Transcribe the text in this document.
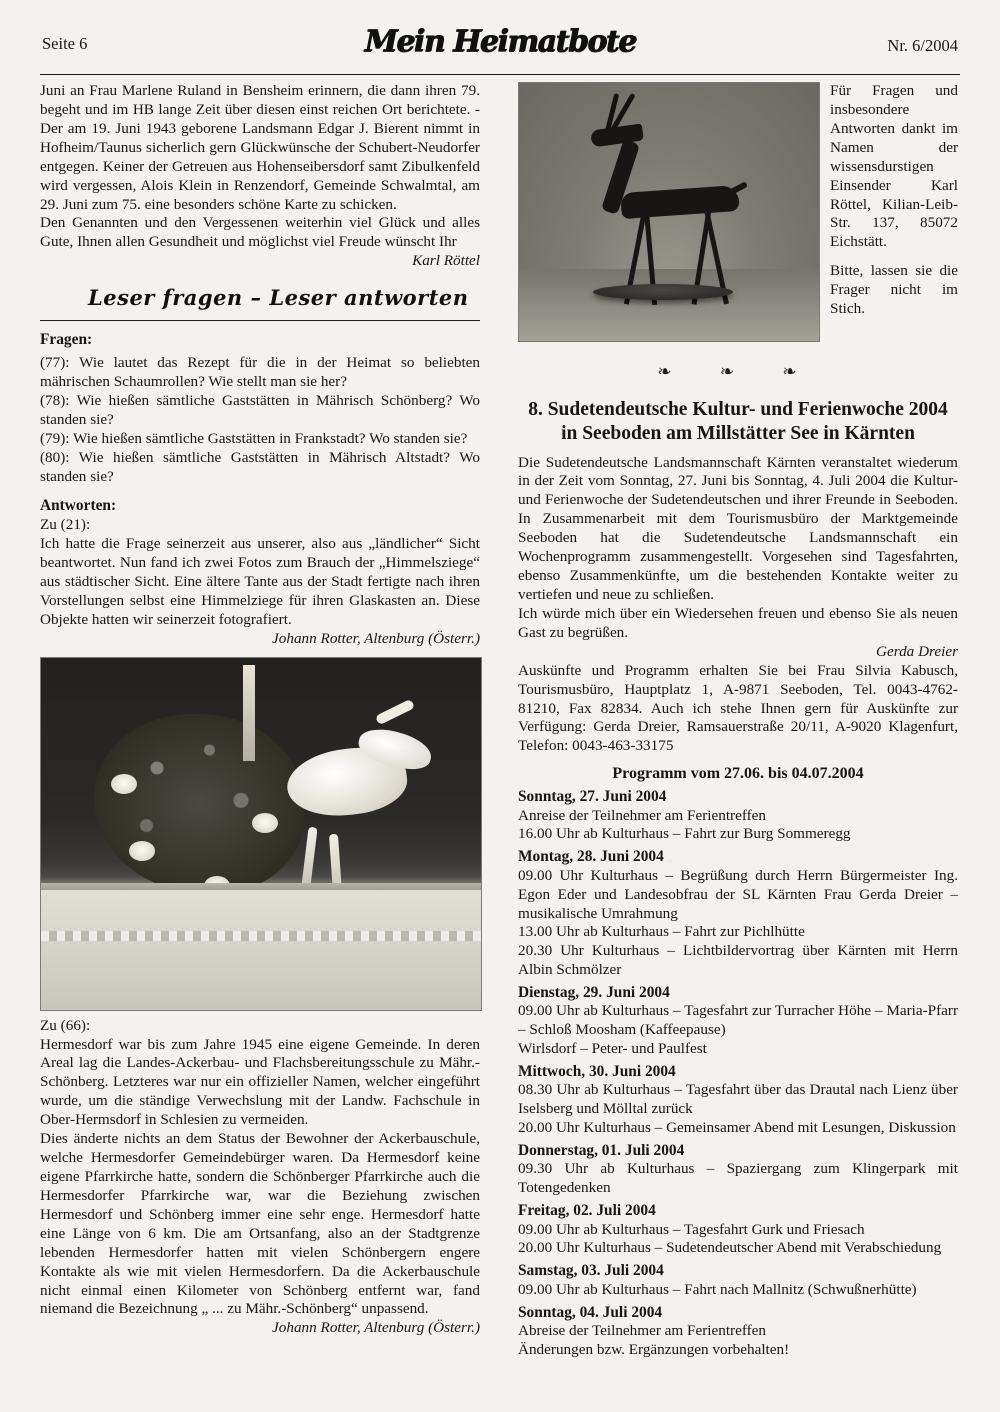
Seite 6	Mein Heimatbote	Nr. 6/2004

Juni an Frau Marlene Ruland in Bensheim erinnern, die dann ihren 79. begeht und im HB lange Zeit über diesen einst reichen Ort berichtete. - Der am 19. Juni 1943 geborene Landsmann Edgar J. Bierent nimmt in Hofheim/Taunus sicherlich gern Glückwünsche der Schubert-Neudorfer entgegen. Keiner der Getreuen aus Hohenseibersdorf samt Zibulkenfeld wird vergessen, Alois Klein in Renzendorf, Gemeinde Schwalmtal, am 29. Juni zum 75. eine besonders schöne Karte zu schicken.

Den Genannten und den Vergessenen weiterhin viel Glück und alles Gute, Ihnen allen Gesundheit und möglichst viel Freude wünscht Ihr

Karl Röttel
Leser fragen – Leser antworten
Fragen:

(77): Wie lautet das Rezept für die in der Heimat so beliebten mährischen Schaumrollen? Wie stellt man sie her?

(78): Wie hießen sämtliche Gaststätten in Mährisch Schönberg? Wo standen sie?

(79): Wie hießen sämtliche Gaststätten in Frankstadt? Wo standen sie?

(80): Wie hießen sämtliche Gaststätten in Mährisch Altstadt? Wo standen sie?

Antworten:

Zu (21):

Ich hatte die Frage seinerzeit aus unserer, also aus „ländlicher“ Sicht beantwortet. Nun fand ich zwei Fotos zum Brauch der „Himmelsziege“ aus städtischer Sicht. Eine ältere Tante aus der Stadt fertigte nach ihren Vorstellungen selbst eine Himmelziege für ihren Glaskasten an. Diese Objekte hatten wir seinerzeit fotografiert.

Johann Rotter, Altenburg (Österr.)

Zu (66):

Hermesdorf war bis zum Jahre 1945 eine eigene Gemeinde. In deren Areal lag die Landes-Ackerbau- und Flachsbereitungsschule zu Mähr.-Schönberg. Letzteres war nur ein offizieller Namen, welcher eingeführt wurde, um die ständige Verwechslung mit der Landw. Fachschule in Ober-Hermsdorf in Schlesien zu vermeiden.

Dies änderte nichts an dem Status der Bewohner der Ackerbauschule, welche Hermesdorfer Gemeindebürger waren. Da Hermesdorf keine eigene Pfarrkirche hatte, sondern die Schönberger Pfarrkirche auch die Hermesdorfer Pfarrkirche war, war die Beziehung zwischen Hermesdorf und Schönberg immer eine sehr enge. Hermesdorf hatte eine Länge von 6 km. Die am Ortsanfang, also an der Stadtgrenze lebenden Hermesdorfer hatten mit vielen Schönbergern engere Kontakte als wie mit vielen Hermesdorfern. Da die Ackerbauschule nicht einmal einen Kilometer von Schönberg entfernt war, fand niemand die Bezeichnung „ ... zu Mähr.-Schönberg“ unpassend.

Johann Rotter, Altenburg (Österr.)

Für Fragen und insbesondere Antworten dankt im Namen der wissensdurstigen Einsender Karl Röttel, Kilian-Leib-Str. 137, 85072 Eichstätt.

Bitte, lassen sie die Frager nicht im Stich.

❧ ❧ ❧
8. Sudetendeutsche Kultur- und Ferienwoche 2004 in Seeboden am Millstätter See in Kärnten

Die Sudetendeutsche Landsmannschaft Kärnten veranstaltet wiederum in der Zeit vom Sonntag, 27. Juni bis Sonntag, 4. Juli 2004 die Kultur- und Ferienwoche der Sudetendeutschen und ihrer Freunde in Seeboden. In Zusammenarbeit mit dem Tourismusbüro der Marktgemeinde Seeboden hat die Sudetendeutsche Landsmannschaft ein Wochenprogramm zusammengestellt. Vorgesehen sind Tagesfahrten, ebenso Zusammenkünfte, um die bestehenden Kontakte weiter zu vertiefen und neue zu schließen.

Ich würde mich über ein Wiedersehen freuen und ebenso Sie als neuen Gast zu begrüßen.

Gerda Dreier

Auskünfte und Programm erhalten Sie bei Frau Silvia Kabusch, Tourismusbüro, Hauptplatz 1, A-9871 Seeboden, Tel. 0043-4762-81210, Fax 82834. Auch ich stehe Ihnen gern für Auskünfte zur Verfügung: Gerda Dreier, Ramsauerstraße 20/11, A-9020 Klagenfurt, Telefon: 0043-463-33175

Programm vom 27.06. bis 04.07.2004
Sonntag, 27. Juni 2004

Anreise der Teilnehmer am Ferientreffen

16.00 Uhr ab Kulturhaus – Fahrt zur Burg Sommeregg

Montag, 28. Juni 2004

09.00 Uhr Kulturhaus – Begrüßung durch Herrn Bürgermeister Ing. Egon Eder und Landesobfrau der SL Kärnten Frau Gerda Dreier – musikalische Umrahmung

13.00 Uhr ab Kulturhaus – Fahrt zur Pichlhütte

20.30 Uhr Kulturhaus – Lichtbildervortrag über Kärnten mit Herrn Albin Schmölzer

Dienstag, 29. Juni 2004

09.00 Uhr ab Kulturhaus – Tagesfahrt zur Turracher Höhe – Maria-Pfarr – Schloß Moosham (Kaffeepause)

Wirlsdorf – Peter- und Paulfest

Mittwoch, 30. Juni 2004

08.30 Uhr ab Kulturhaus – Tagesfahrt über das Drautal nach Lienz über Iselsberg und Mölltal zurück

20.00 Uhr Kulturhaus – Gemeinsamer Abend mit Lesungen, Diskussion

Donnerstag, 01. Juli 2004

09.30 Uhr ab Kulturhaus – Spaziergang zum Klingerpark mit Totengedenken

Freitag, 02. Juli 2004

09.00 Uhr ab Kulturhaus – Tagesfahrt Gurk und Friesach

20.00 Uhr Kulturhaus – Sudetendeutscher Abend mit Verabschiedung

Samstag, 03. Juli 2004

09.00 Uhr ab Kulturhaus – Fahrt nach Mallnitz (Schwußnerhütte)

Sonntag, 04. Juli 2004

Abreise der Teilnehmer am Ferientreffen

Änderungen bzw. Ergänzungen vorbehalten!
